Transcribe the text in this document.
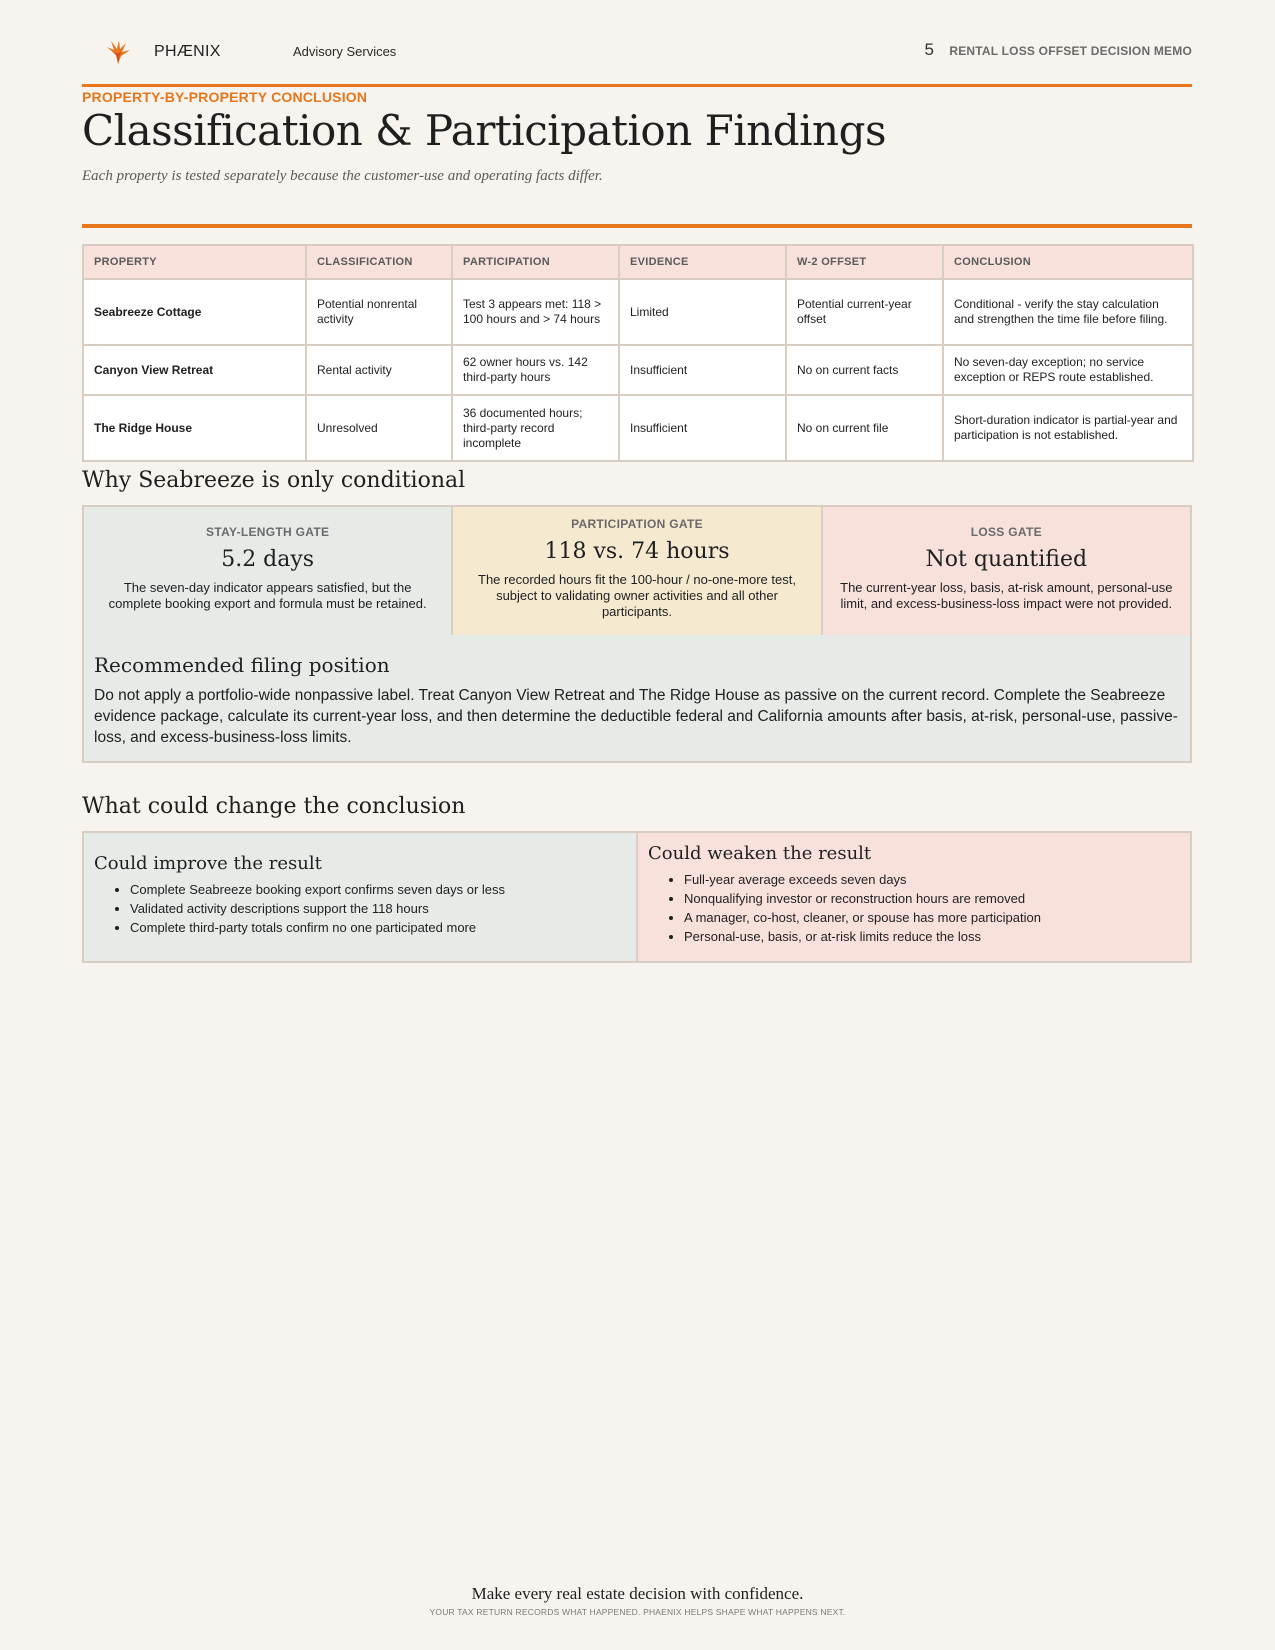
PHÆNIX	Advisory Services	5 RENTAL LOSS OFFSET DECISION MEMO
PROPERTY-BY-PROPERTY CONCLUSION
Classification & Participation Findings
Each property is tested separately because the customer-use and operating facts differ.
PROPERTY	CLASSIFICATION	PARTICIPATION	EVIDENCE	W-2 OFFSET	CONCLUSION
Seabreeze Cottage	Potential nonrental activity	Test 3 appears met: 118 > 100 hours and > 74 hours	Limited	Potential current-year offset	Conditional - verify the stay calculation and strengthen the time file before filing.
Canyon View Retreat	Rental activity	62 owner hours vs. 142 third-party hours	Insufficient	No on current facts	No seven-day exception; no service exception or REPS route established.
The Ridge House	Unresolved	36 documented hours; third-party record incomplete	Insufficient	No on current file	Short-duration indicator is partial-year and participation is not established.
Why Seabreeze is only conditional
STAY-LENGTH GATE
5.2 days
The seven-day indicator appears satisfied, but the complete booking export and formula must be retained.
PARTICIPATION GATE
118 vs. 74 hours
The recorded hours fit the 100-hour / no-one-more test, subject to validating owner activities and all other participants.
LOSS GATE
Not quantified
The current-year loss, basis, at-risk amount, personal-use limit, and excess-business-loss impact were not provided.
Recommended filing position
Do not apply a portfolio-wide nonpassive label. Treat Canyon View Retreat and The Ridge House as passive on the current record. Complete the Seabreeze evidence package, calculate its current-year loss, and then determine the deductible federal and California amounts after basis, at-risk, personal-use, passive-loss, and excess-business-loss limits.
What could change the conclusion
Could improve the result
• Complete Seabreeze booking export confirms seven days or less
• Validated activity descriptions support the 118 hours
• Complete third-party totals confirm no one participated more
Could weaken the result
• Full-year average exceeds seven days
• Nonqualifying investor or reconstruction hours are removed
• A manager, co-host, cleaner, or spouse has more participation
• Personal-use, basis, or at-risk limits reduce the loss
Make every real estate decision with confidence.
YOUR TAX RETURN RECORDS WHAT HAPPENED. PHAENIX HELPS SHAPE WHAT HAPPENS NEXT.
